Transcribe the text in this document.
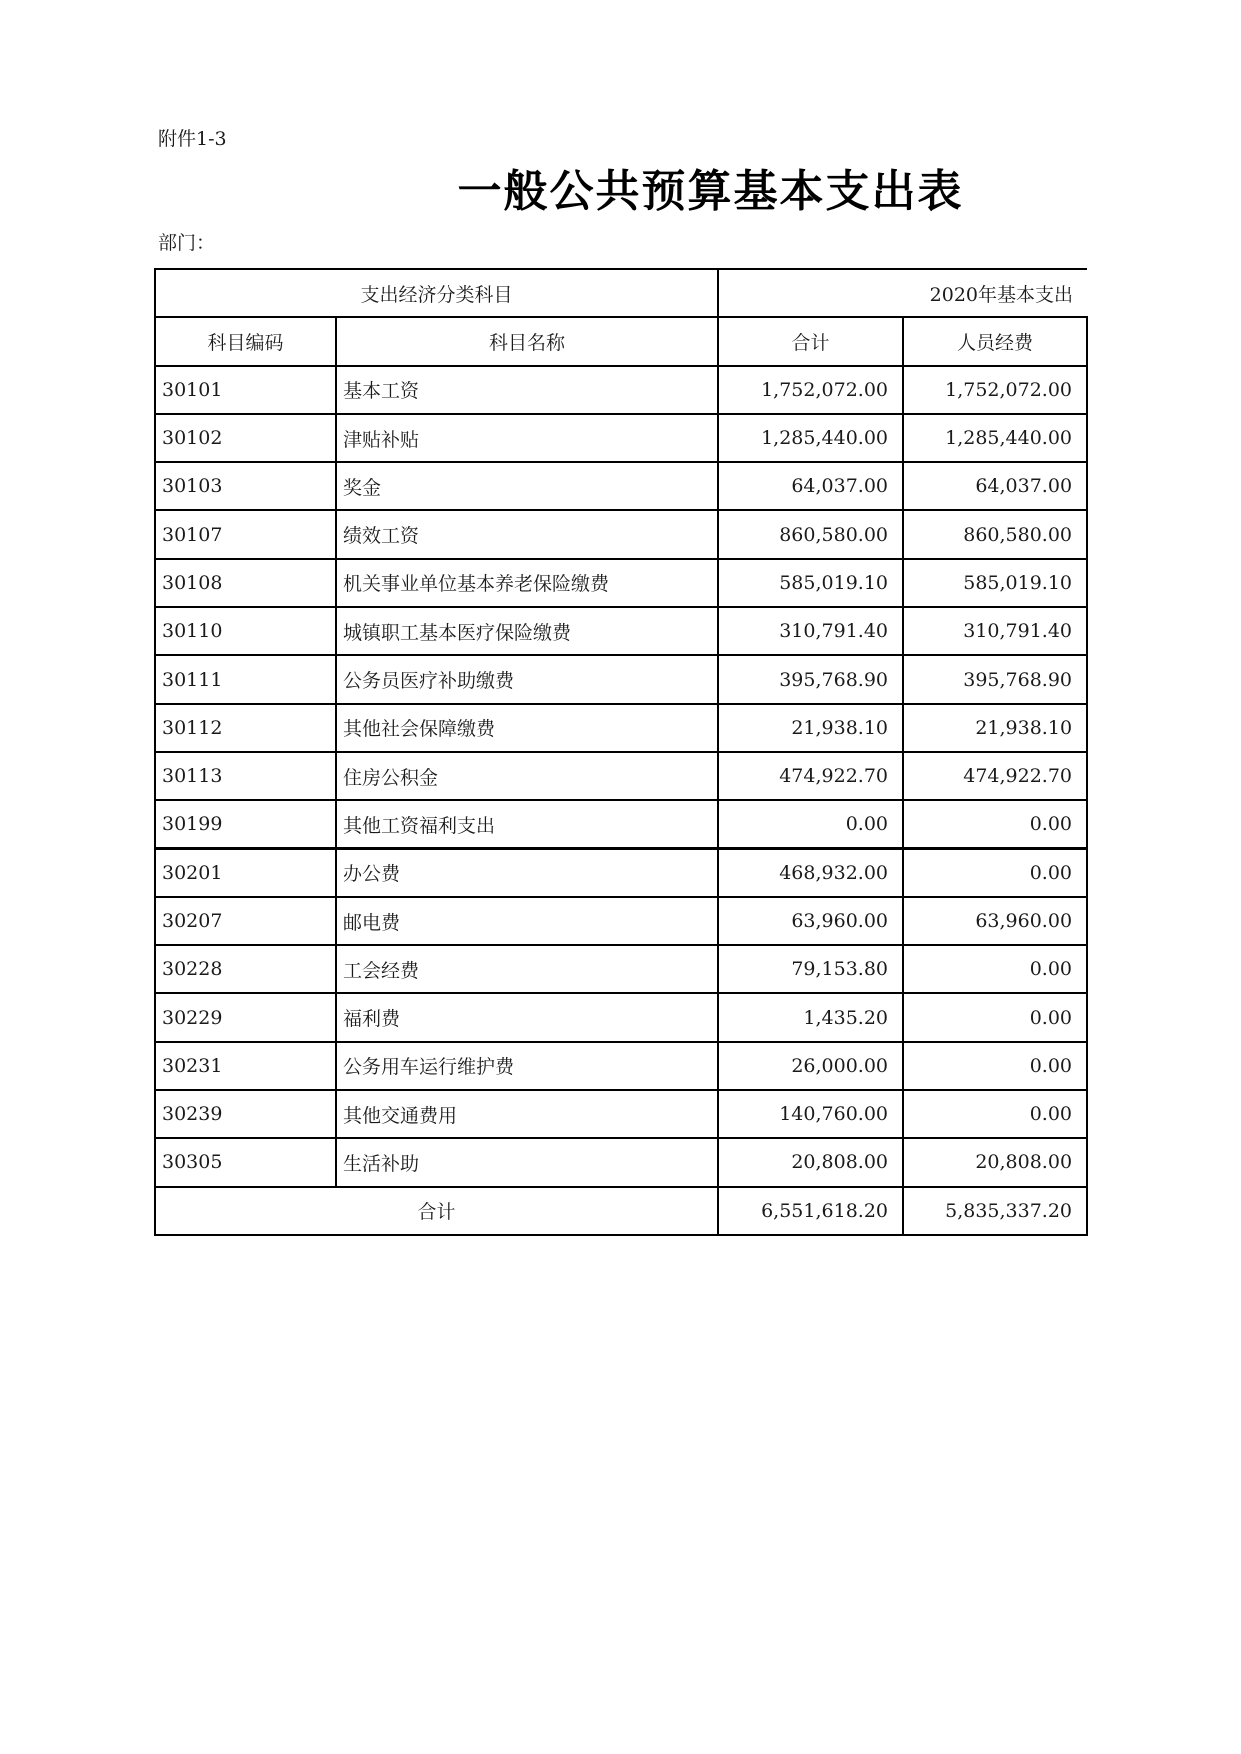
附件1-3
一般公共预算基本支出表
部门：
支出经济分类科目		2020年基本支出	
科目编码	科目名称	合计	人员经费
30101	基本工资	1,752,072.00	1,752,072.00
30102	津贴补贴	1,285,440.00	1,285,440.00
30103	奖金	64,037.00	64,037.00
30107	绩效工资	860,580.00	860,580.00
30108	机关事业单位基本养老保险缴费	585,019.10	585,019.10
30110	城镇职工基本医疗保险缴费	310,791.40	310,791.40
30111	公务员医疗补助缴费	395,768.90	395,768.90
30112	其他社会保障缴费	21,938.10	21,938.10
30113	住房公积金	474,922.70	474,922.70
30199	其他工资福利支出	0.00	0.00
30201	办公费	468,932.00	0.00
30207	邮电费	63,960.00	63,960.00
30228	工会经费	79,153.80	0.00
30229	福利费	1,435.20	0.00
30231	公务用车运行维护费	26,000.00	0.00
30239	其他交通费用	140,760.00	0.00
30305	生活补助	20,808.00	20,808.00
合计		6,551,618.20	5,835,337.20
